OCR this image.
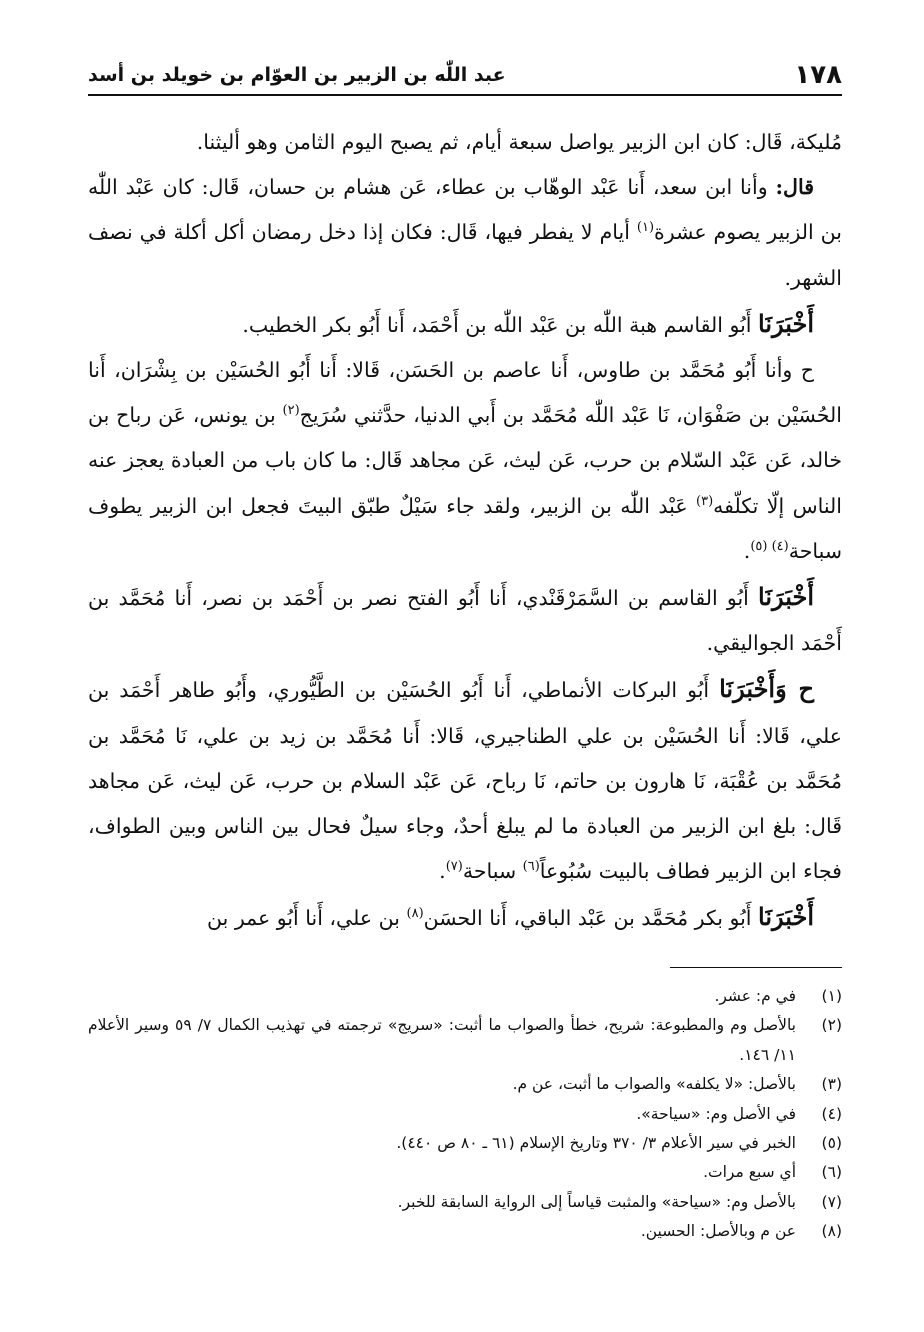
١٧٨
عبد اللّٰه بن الزبير بن العوّام بن خويلد بن أسد

مُليكة، قَال: كان ابن الزبير يواصل سبعة أيام، ثم يصبح اليوم الثامن وهو أليثنا.

قال: وأنا ابن سعد، أَنا عَبْد الوهّاب بن عطاء، عَن هشام بن حسان، قَال: كان عَبْد اللّٰه بن الزبير يصوم عشرة$^{(١)}$ أيام لا يفطر فيها، قَال: فكان إذا دخل رمضان أكل أكلة في نصف الشهر.

أَخْبَرَنَا أَبُو القاسم هبة اللّٰه بن عَبْد اللّٰه بن أَحْمَد، أَنا أَبُو بكر الخطيب.

ح وأنا أَبُو مُحَمَّد بن طاوس، أَنا عاصم بن الحَسَن، قَالا: أَنا أَبُو الحُسَيْن بن بِشْرَان، أَنا الحُسَيْن بن صَفْوَان، نَا عَبْد اللّٰه مُحَمَّد بن أَبي الدنيا، حدَّثني سُرَيج$^{(٢)}$ بن يونس، عَن رباح بن خالد، عَن عَبْد السّلام بن حرب، عَن ليث، عَن مجاهد قَال: ما كان باب من العبادة يعجز عنه الناس إلّا تكلّفه$^{(٣)}$ عَبْد اللّٰه بن الزبير، ولقد جاء سَيْلٌ طبّق البيتَ فجعل ابن الزبير يطوف سباحة$^{(٤) (٥)}$.

أَخْبَرَنَا أَبُو القاسم بن السَّمَرْقَنْدي، أَنا أَبُو الفتح نصر بن أَحْمَد بن نصر، أَنا مُحَمَّد بن أَحْمَد الجواليقي.

ح وَأَخْبَرَنَا أَبُو البركات الأنماطي، أَنا أَبُو الحُسَيْن بن الطَّيُّوري، وأَبُو طاهر أَحْمَد بن علي، قَالا: أَنا الحُسَيْن بن علي الطناجيري، قَالا: أَنا مُحَمَّد بن زيد بن علي، نَا مُحَمَّد بن مُحَمَّد بن عُقْبَة، نَا هارون بن حاتم، نَا رباح، عَن عَبْد السلام بن حرب، عَن ليث، عَن مجاهد قَال: بلغ ابن الزبير من العبادة ما لم يبلغ أحدٌ، وجاء سيلٌ فحال بين الناس وبين الطواف، فجاء ابن الزبير فطاف بالبيت سُبُوعاً$^{(٦)}$ سباحة$^{(٧)}$.

أَخْبَرَنَا أَبُو بكر مُحَمَّد بن عَبْد الباقي، أَنا الحسَن$^{(٨)}$ بن علي، أَنا أَبُو عمر بن

(١)
في م: عشر.

(٢)
بالأصل وم والمطبوعة: شريح، خطأ والصواب ما أثبت: «سريج» ترجمته في تهذيب الكمال ٧/ ٥٩ وسير الأعلام ١١/ ١٤٦.

(٣)
بالأصل: «لا يكلفه» والصواب ما أثبت، عن م.

(٤)
في الأصل وم: «سياحة».

(٥)
الخبر في سير الأعلام ٣/ ٣٧٠ وتاريخ الإسلام (٦١ ـ ٨٠ ص ٤٤٠).

(٦)
أي سبع مرات.

(٧)
بالأصل وم: «سياحة» والمثبت قياساً إلى الرواية السابقة للخبر.

(٨)
عن م وبالأصل: الحسين.
